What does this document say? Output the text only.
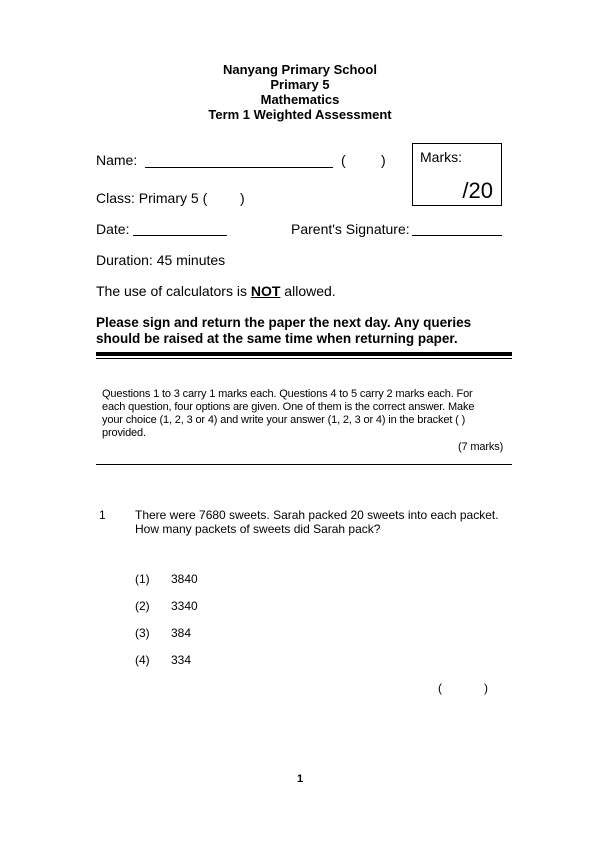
Nanyang Primary School
Primary 5
Mathematics
Term 1 Weighted Assessment
Name:	(	) Marks:
/20
Class: Primary 5 ( )
Date:	Parent's Signature:
Duration: 45 minutes
The use of calculators is NOT allowed.
Please sign and return the paper the next day. Any queries
should be raised at the same time when returning paper.
Questions 1 to 3 carry 1 marks each. Questions 4 to 5 carry 2 marks each. For
each question, four options are given. One of them is the correct answer. Make
your choice (1, 2, 3 or 4) and write your answer (1, 2, 3 or 4) in the bracket ( )
provided.
(7 marks)
1 There were 7680 sweets. Sarah packed 20 sweets into each packet.
How many packets of sweets did Sarah pack?
(1) 3840
(2) 3340
(3) 384
(4) 334
(	)
1
